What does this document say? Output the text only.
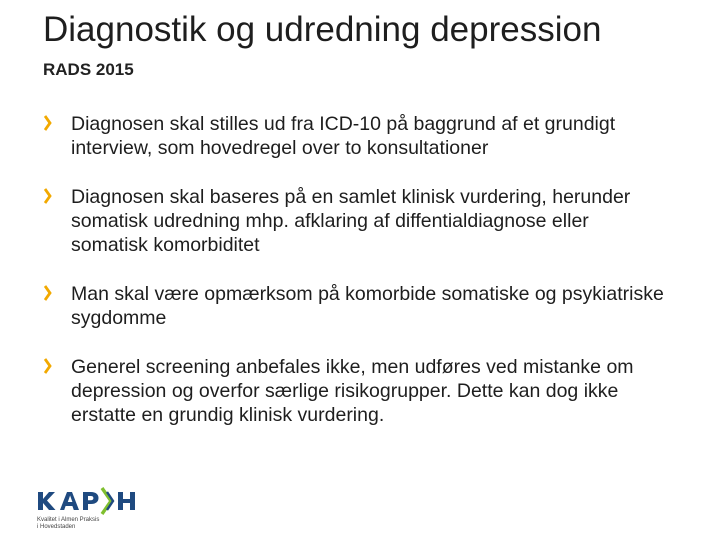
Diagnostik og udredning depression
RADS 2015
Diagnosen skal stilles ud fra ICD-10 på baggrund af et grundigt interview, som hovedregel over to konsultationer
Diagnosen skal baseres på en samlet klinisk vurdering, herunder somatisk udredning mhp. afklaring af diffentialdiagnose eller somatisk komorbiditet
Man skal være opmærksom på komorbide somatiske og psykiatriske sygdomme
Generel screening anbefales ikke, men udføres ved mistanke om depression og overfor særlige risikogrupper. Dette kan dog ikke erstatte en grundig klinisk vurdering.
Kvalitet i Almen Praksis
i Hovedstaden
